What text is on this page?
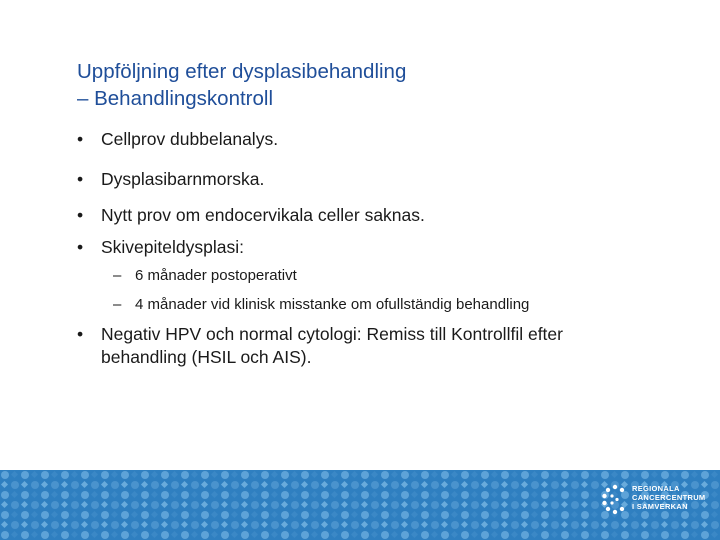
Uppföljning efter dysplasibehandling
– Behandlingskontroll
•	Cellprov dubbelanalys.
•	Dysplasibarnmorska.
•	Nytt prov om endocervikala celler saknas.
•	Skivepiteldysplasi:
– 6 månader postoperativt
– 4 månader vid klinisk misstanke om ofullständig behandling
•	Negativ HPV och normal cytologi: Remiss till Kontrollfil efter
behandling (HSIL och AIS).
REGIONALA
CANCERCENTRUM
I SAMVERKAN
